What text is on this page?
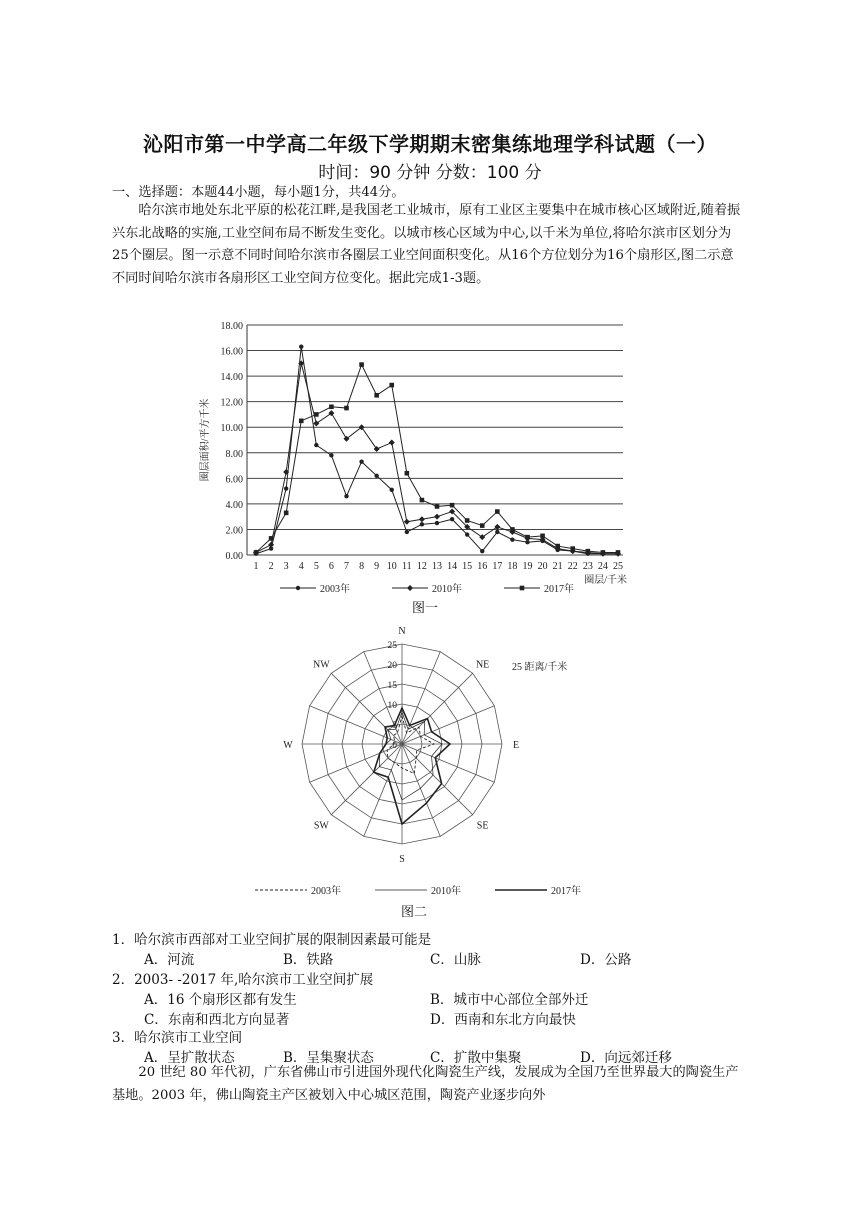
沁阳市第一中学高二年级下学期期末密集练地理学科试题（一）
时间：90 分钟 分数：100 分
一、选择题：本题44小题，每小题1分，共44分。
哈尔滨市地处东北平原的松花江畔,是我国老工业城市，原有工业区主要集中在城市核心区域附近,随着振兴东北战略的实施,工业空间布局不断发生变化。以城市核心区域为中心,以千米为单位,将哈尔滨市区划分为25个圈层。图一示意不同时间哈尔滨市各圈层工业空间面积变化。从16个方位划分为16个扇形区,图二示意不同时间哈尔滨市各扇形区工业空间方位变化。据此完成1-3题。
0.00
2.00
4.00
6.00
8.00
10.00
12.00
14.00
16.00
18.00
1 2 3 4 5 6 7 8 9 10 11 12 13 14 15 16 17 18 19 20 21 22 23 24 25
圈层/千米
圈层面积/平方千米
2003年	2010年	2017年
图一
0
5
10
15
20
25
N
NE
E
SE
S
SW
W
NW	25 距离/千米
2003年	2010年	2017年
图二
1．哈尔滨市西部对工业空间扩展的限制因素最可能是
A．河流	B．铁路	C．山脉	D．公路
2．2003- -2017 年,哈尔滨市工业空间扩展
A．16 个扇形区都有发生	B．城市中心部位全部外迁
C．东南和西北方向显著	D．西南和东北方向最快
3．哈尔滨市工业空间
A．呈扩散状态	B．呈集聚状态	C．扩散中集聚	D．向远郊迁移
20 世纪 80 年代初，广东省佛山市引进国外现代化陶瓷生产线，发展成为全国乃至世界最大的陶瓷生产基地。2003 年，佛山陶瓷主产区被划入中心城区范围，陶瓷产业逐步向外
